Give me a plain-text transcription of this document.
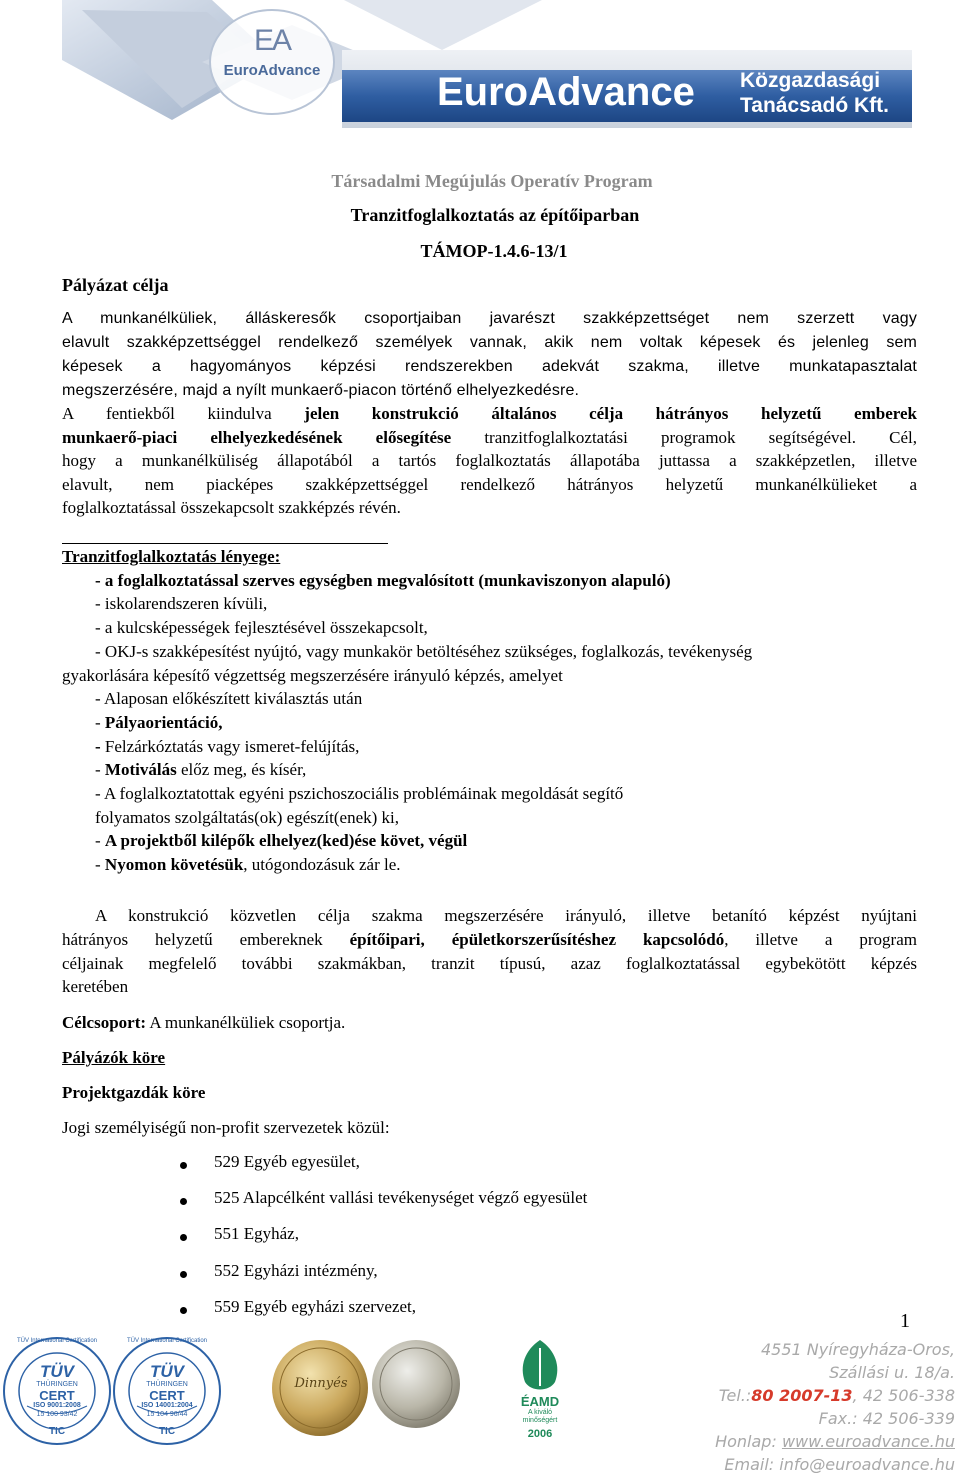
EA
EuroAdvance	EuroAdvance Közgazdasági
Tanácsadó Kft.
Társadalmi Megújulás Operatív Program
Tranzitfoglalkoztatás az építőiparban
TÁMOP-1.4.6-13/1
Pályázat célja
A munkanélküliek, álláskeresők csoportjaiban javarészt szakképzettséget nem szerzett vagy
elavult szakképzettséggel rendelkező személyek vannak, akik nem voltak képesek és jelenleg sem
képesek a hagyományos képzési rendszerekben adekvát szakma, illetve munkatapasztalat
megszerzésére, majd a nyílt munkaerő-piacon történő elhelyezkedésre.
A fentiekből kiindulva jelen konstrukció általános célja hátrányos helyzetű emberek
munkaerő-piaci elhelyezkedésének elősegítése tranzitfoglalkoztatási programok segítségével. Cél,
hogy a munkanélküliség állapotából a tartós foglalkoztatás állapotába juttassa a szakképzetlen, illetve
elavult, nem piacképes szakképzettséggel rendelkező hátrányos helyzetű munkanélkülieket a
foglalkoztatással összekapcsolt szakképzés révén.
Tranzitfoglalkoztatás lényege:
- a foglalkoztatással szerves egységben megvalósított (munkaviszonyon alapuló)
- iskolarendszeren kívüli,
- a kulcsképességek fejlesztésével összekapcsolt,
- OKJ-s szakképesítést nyújtó, vagy munkakör betöltéséhez szükséges, foglalkozás, tevékenység
gyakorlására képesítő végzettség megszerzésére irányuló képzés, amelyet
- Alaposan előkészített kiválasztás után
- Pályaorientáció,
- Felzárkóztatás vagy ismeret-felújítás,
- Motiválás előz meg, és kísér,
- A foglalkoztatottak egyéni pszichoszociális problémáinak megoldását segítő
folyamatos szolgáltatás(ok) egészít(enek) ki,
- A projektből kilépők elhelyez(ked)ése követ, végül
- Nyomon követésük, utógondozásuk zár le.
A konstrukció közvetlen célja szakma megszerzésére irányuló, illetve betanító képzést nyújtani
hátrányos helyzetű embereknek építőipari, épületkorszerűsítéshez kapcsolódó, illetve a program
céljainak megfelelő további szakmákban, tranzit típusú, azaz foglalkoztatással egybekötött képzés
keretében
Célcsoport: A munkanélküliek csoportja.
Pályázók köre
Projektgazdák köre
Jogi személyiségű non-profit szervezetek közül:
529 Egyéb egyesület,
525 Alapcélként vallási tevékenységet végző egyesület
551 Egyház,
552 Egyházi intézmény,
559 Egyéb egyházi szervezet,
1
TÜV International Certification
TÜV
THÜRINGEN
CERT
ISO 9001:2008
15 100 93/42
TIC
TÜV International Certification
TÜV
THÜRINGEN
CERT
ISO 14001:2004
15 104 96/44
TIC
Dinnyés
ÉAMD
A kiváló
minőségért
2006
4551 Nyíregyháza-Oros,
Szállási u. 18/a.
Tel.:80 2007-13, 42 506-338
Fax.: 42 506-339
Honlap: www.euroadvance.hu
Email: info@euroadvance.hu
